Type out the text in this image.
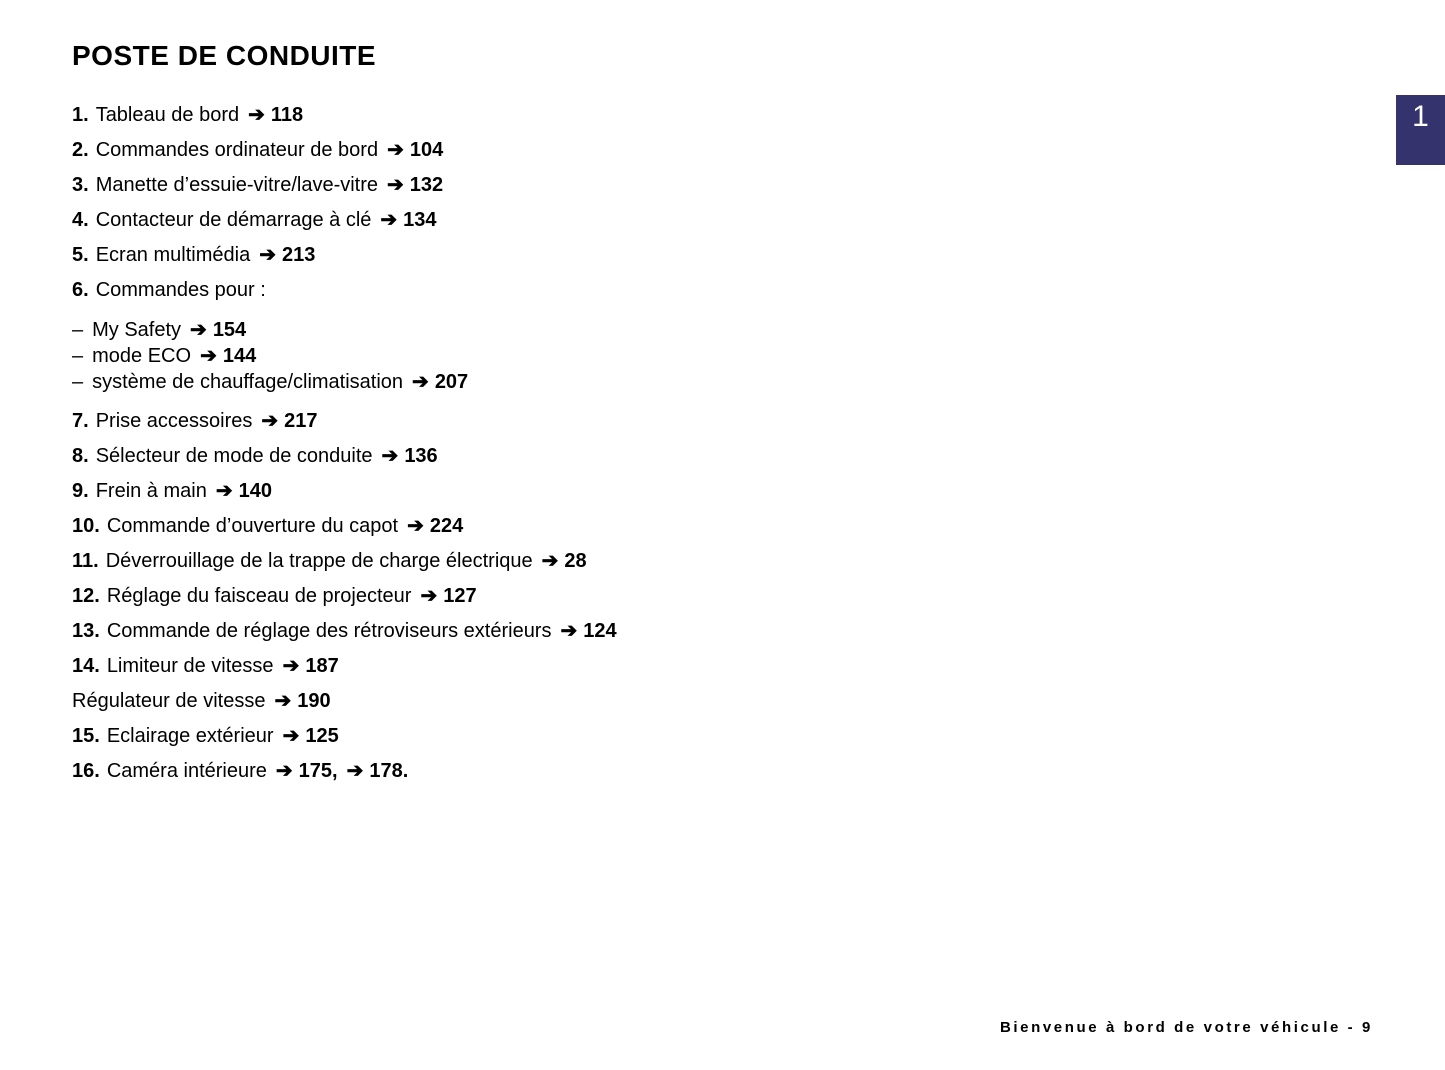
POSTE DE CONDUITE
1. Tableau de bord ➔ 118
2. Commandes ordinateur de bord ➔ 104
3. Manette d’essuie-vitre/lave-vitre ➔ 132
4. Contacteur de démarrage à clé ➔ 134
5. Ecran multimédia ➔ 213
6. Commandes pour :
– My Safety ➔ 154
– mode ECO ➔ 144
– système de chauffage/climatisation ➔ 207
7. Prise accessoires ➔ 217
8. Sélecteur de mode de conduite ➔ 136
9. Frein à main ➔ 140
10. Commande d’ouverture du capot ➔ 224
11. Déverrouillage de la trappe de charge électrique ➔ 28
12. Réglage du faisceau de projecteur ➔ 127
13. Commande de réglage des rétroviseurs extérieurs ➔ 124
14. Limiteur de vitesse ➔ 187
Régulateur de vitesse ➔ 190
15. Eclairage extérieur ➔ 125
16. Caméra intérieure ➔ 175, ➔ 178.
1
Bienvenue à bord de votre véhicule - 9
